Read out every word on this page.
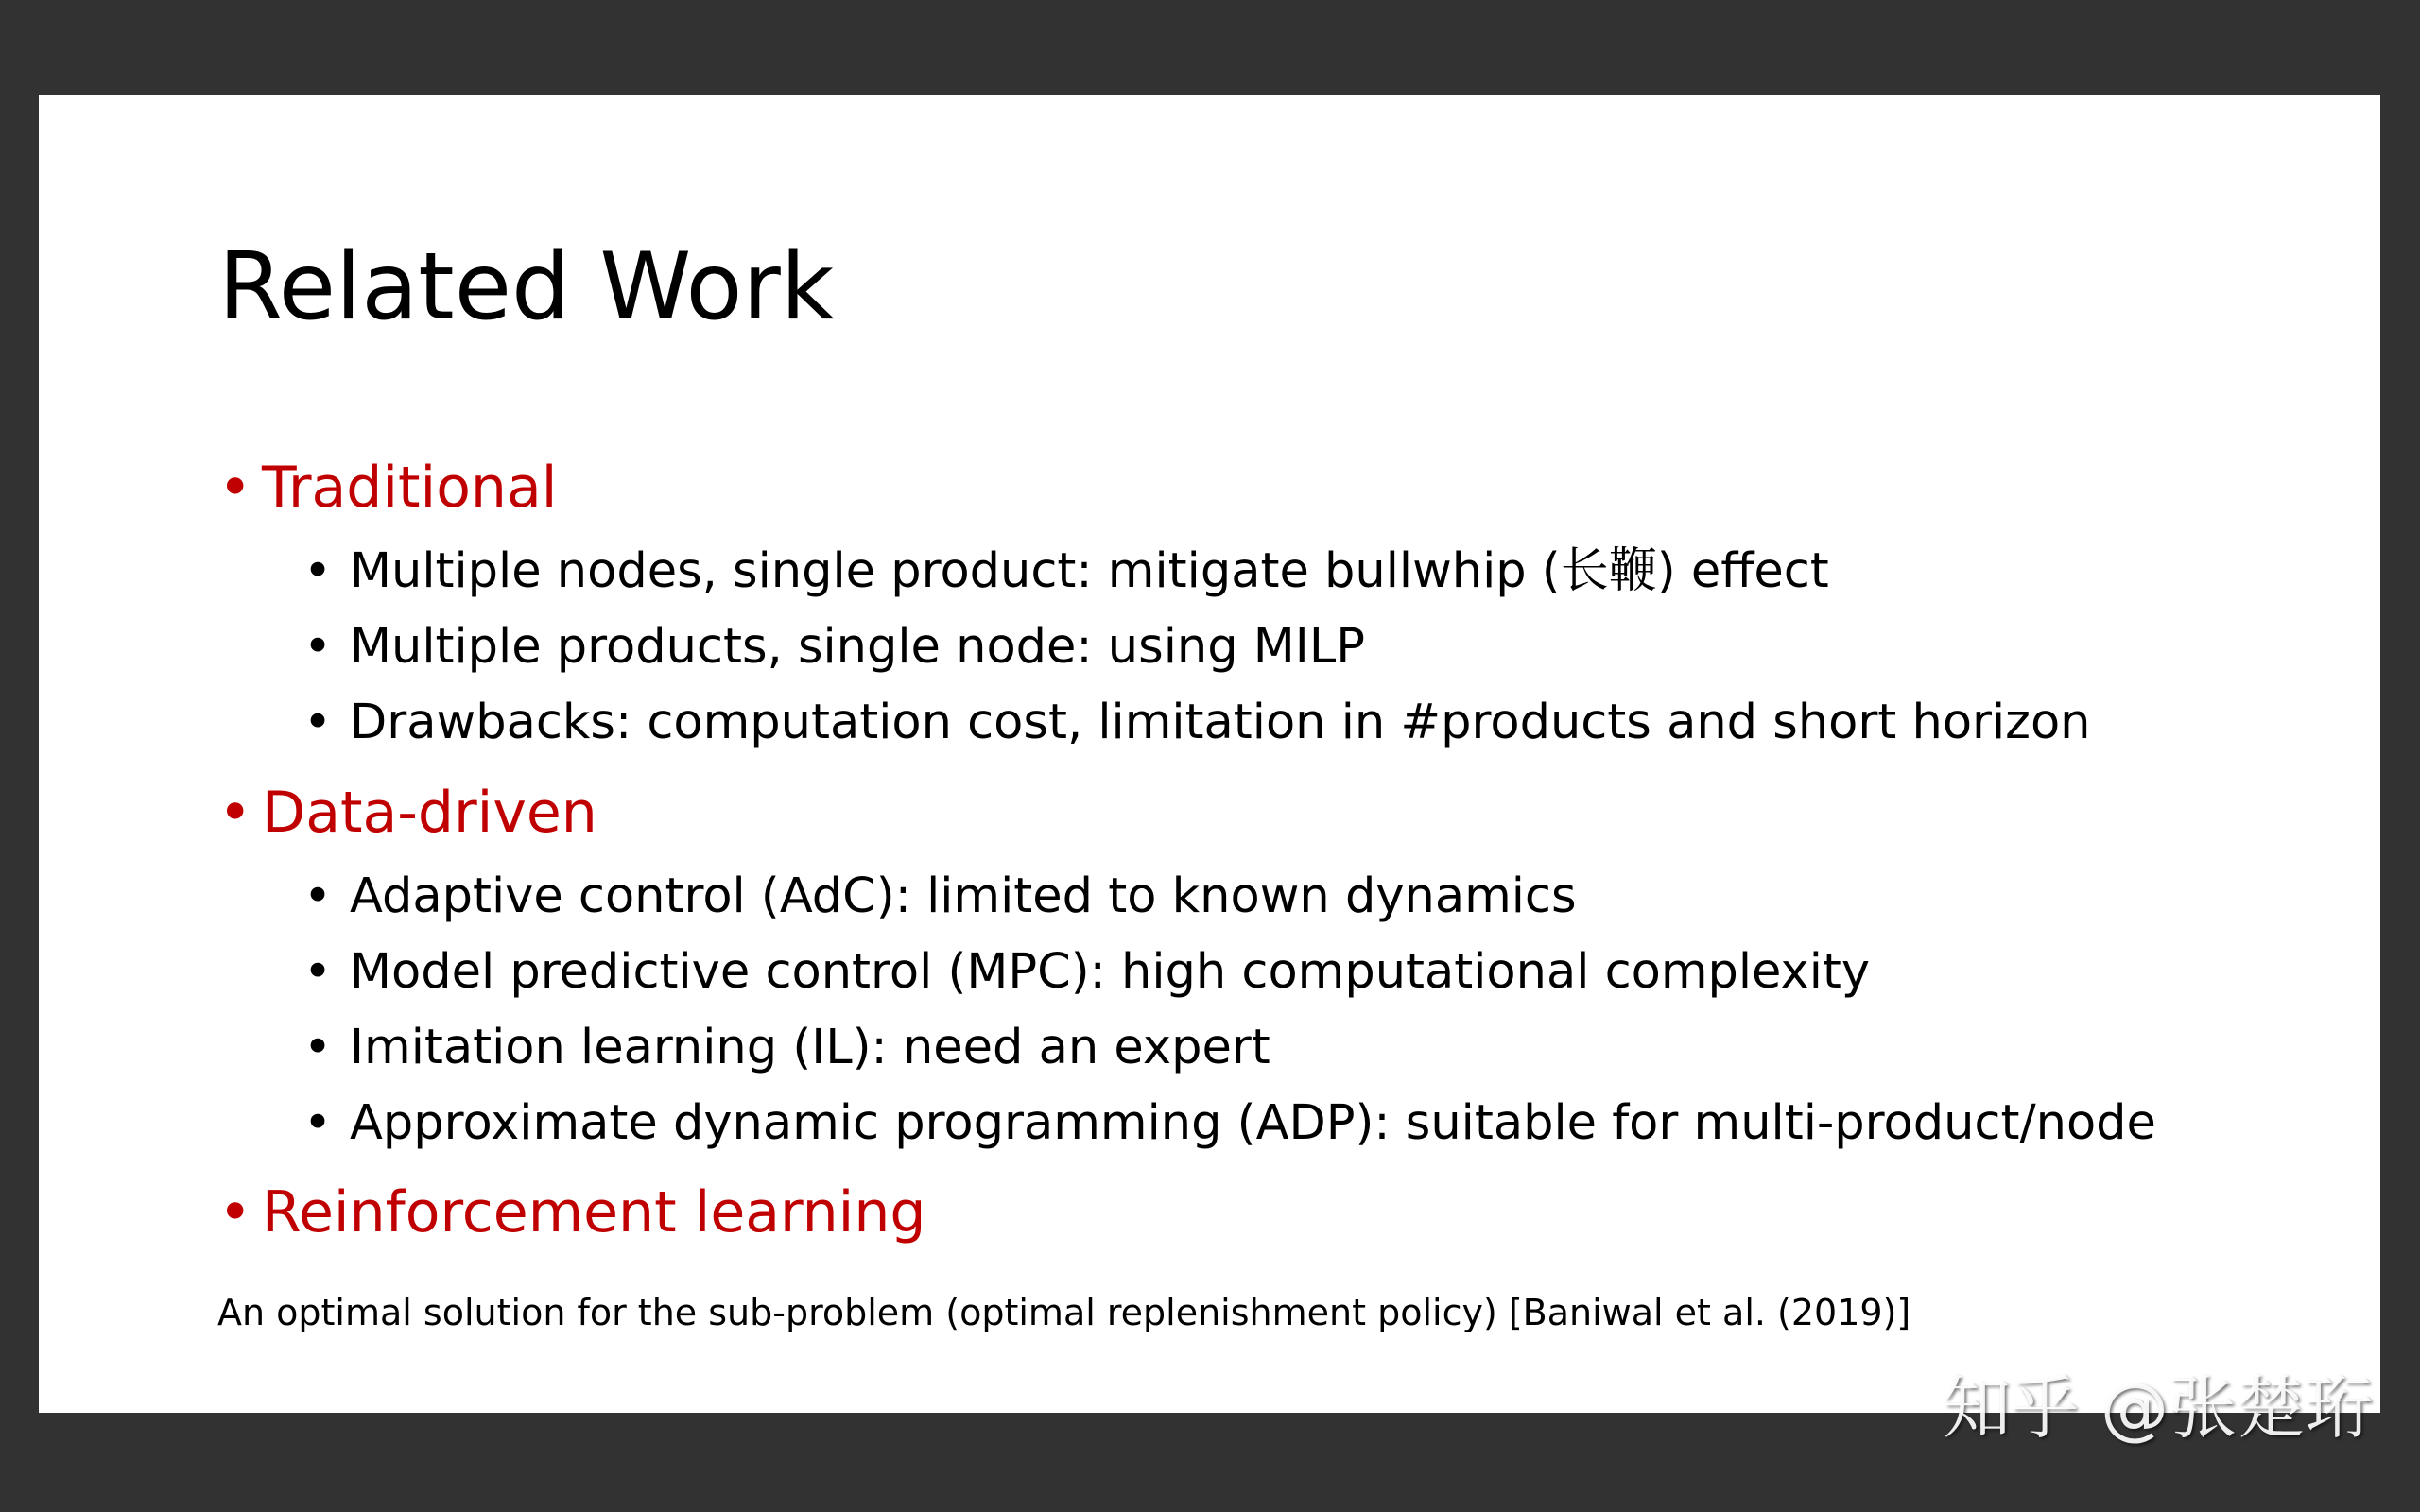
Related Work
• Traditional
• Multiple nodes, single product: mitigate bullwhip (长鞭) effect
• Multiple products, single node: using MILP
• Drawbacks: computation cost, limitation in #products and short horizon
• Data-driven
• Adaptive control (AdC): limited to known dynamics
• Model predictive control (MPC): high computational complexity
• Imitation learning (IL): need an expert
• Approximate dynamic programming (ADP): suitable for multi-product/node
• Reinforcement learning
An optimal solution for the sub-problem (optimal replenishment policy) [Baniwal et al. (2019)]
知乎 @张楚珩
